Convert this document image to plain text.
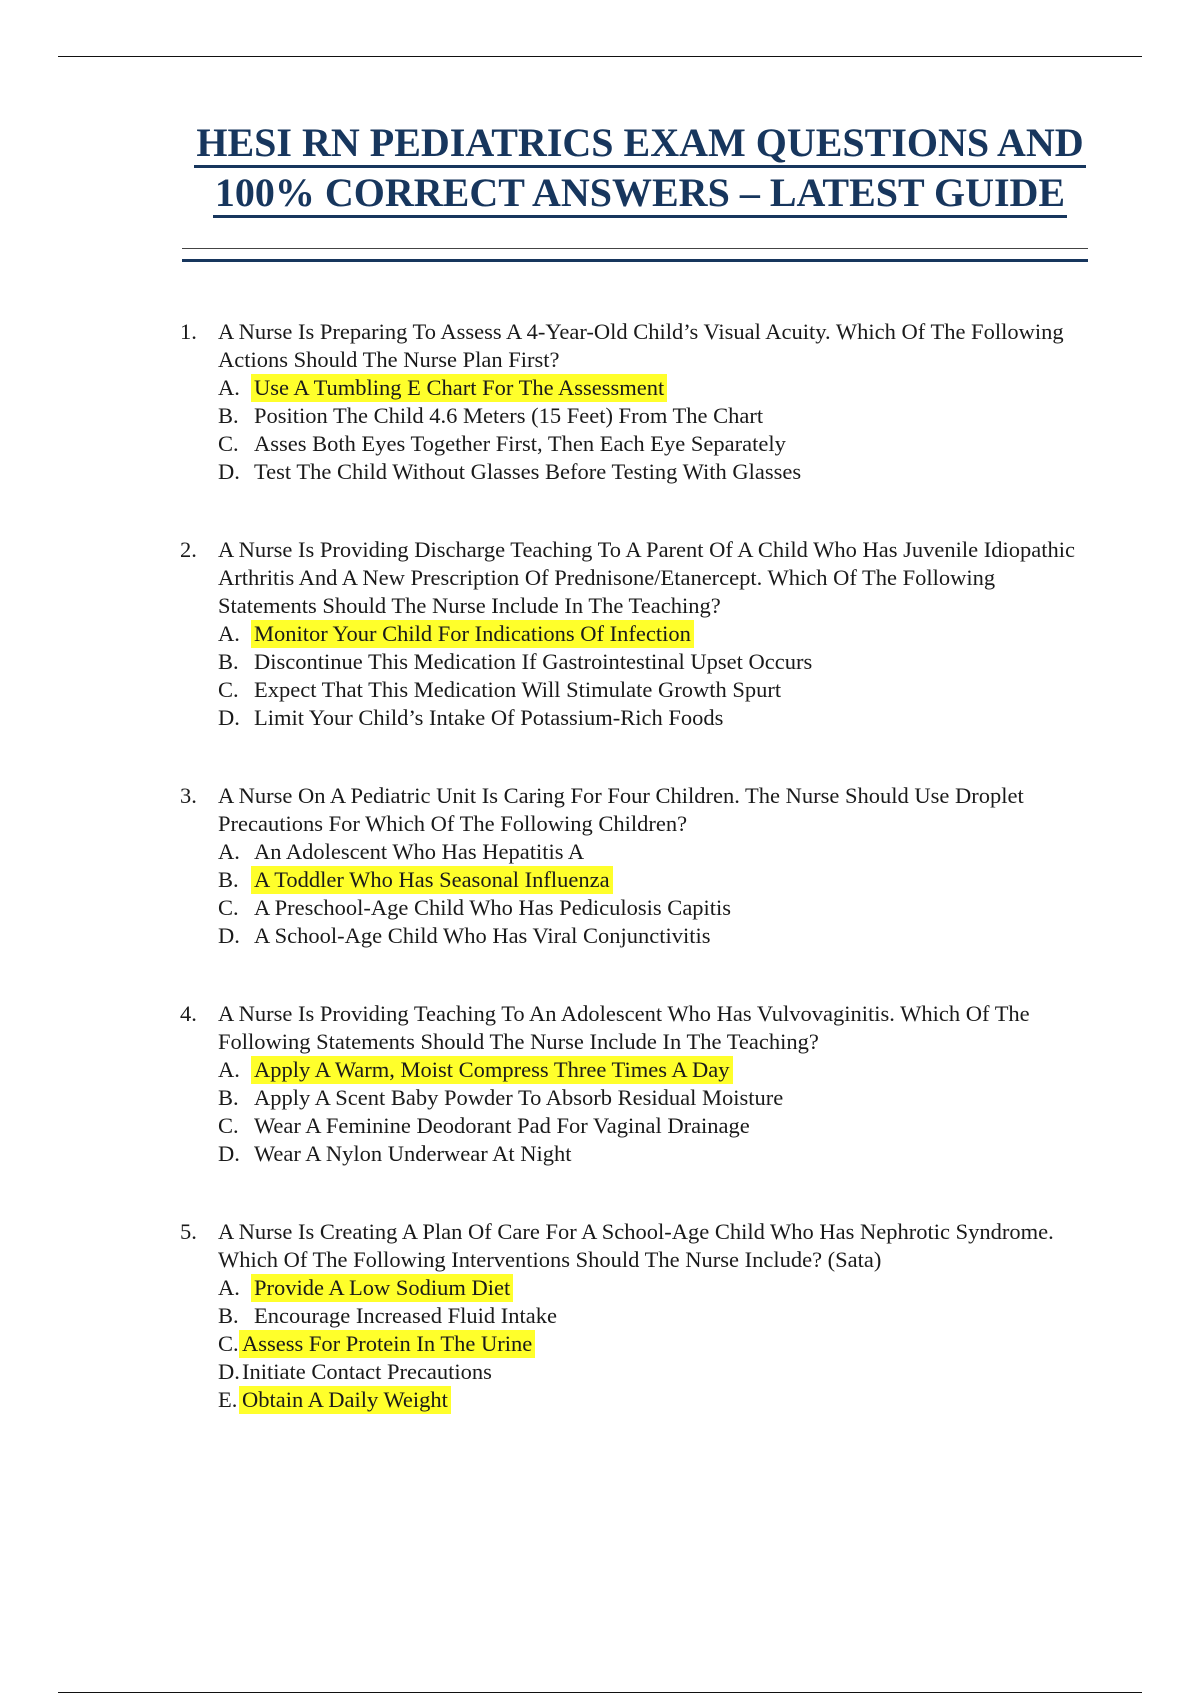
HESI RN PEDIATRICS EXAM QUESTIONS AND
100% CORRECT ANSWERS – LATEST GUIDE
1. A Nurse Is Preparing To Assess A 4-Year-Old Child’s Visual Acuity. Which Of The Following Actions Should The Nurse Plan First?

A. Use A Tumbling E Chart For The Assessment
B. Position The Child 4.6 Meters (15 Feet) From The Chart
C. Asses Both Eyes Together First, Then Each Eye Separately
D. Test The Child Without Glasses Before Testing With Glasses
2. A Nurse Is Providing Discharge Teaching To A Parent Of A Child Who Has Juvenile Idiopathic Arthritis And A New Prescription Of Prednisone/Etanercept. Which Of The Following Statements Should The Nurse Include In The Teaching?

A. Monitor Your Child For Indications Of Infection
B. Discontinue This Medication If Gastrointestinal Upset Occurs
C. Expect That This Medication Will Stimulate Growth Spurt
D. Limit Your Child’s Intake Of Potassium-Rich Foods
3. A Nurse On A Pediatric Unit Is Caring For Four Children. The Nurse Should Use Droplet Precautions For Which Of The Following Children?

A. An Adolescent Who Has Hepatitis A
B. A Toddler Who Has Seasonal Influenza
C. A Preschool-Age Child Who Has Pediculosis Capitis
D. A School-Age Child Who Has Viral Conjunctivitis
4. A Nurse Is Providing Teaching To An Adolescent Who Has Vulvovaginitis. Which Of The Following Statements Should The Nurse Include In The Teaching?

A. Apply A Warm, Moist Compress Three Times A Day
B. Apply A Scent Baby Powder To Absorb Residual Moisture
C. Wear A Feminine Deodorant Pad For Vaginal Drainage
D. Wear A Nylon Underwear At Night
5. A Nurse Is Creating A Plan Of Care For A School-Age Child Who Has Nephrotic Syndrome. Which Of The Following Interventions Should The Nurse Include? (Sata)

A. Provide A Low Sodium Diet
B. Encourage Increased Fluid Intake
C. Assess For Protein In The Urine
D. Initiate Contact Precautions
E. Obtain A Daily Weight
